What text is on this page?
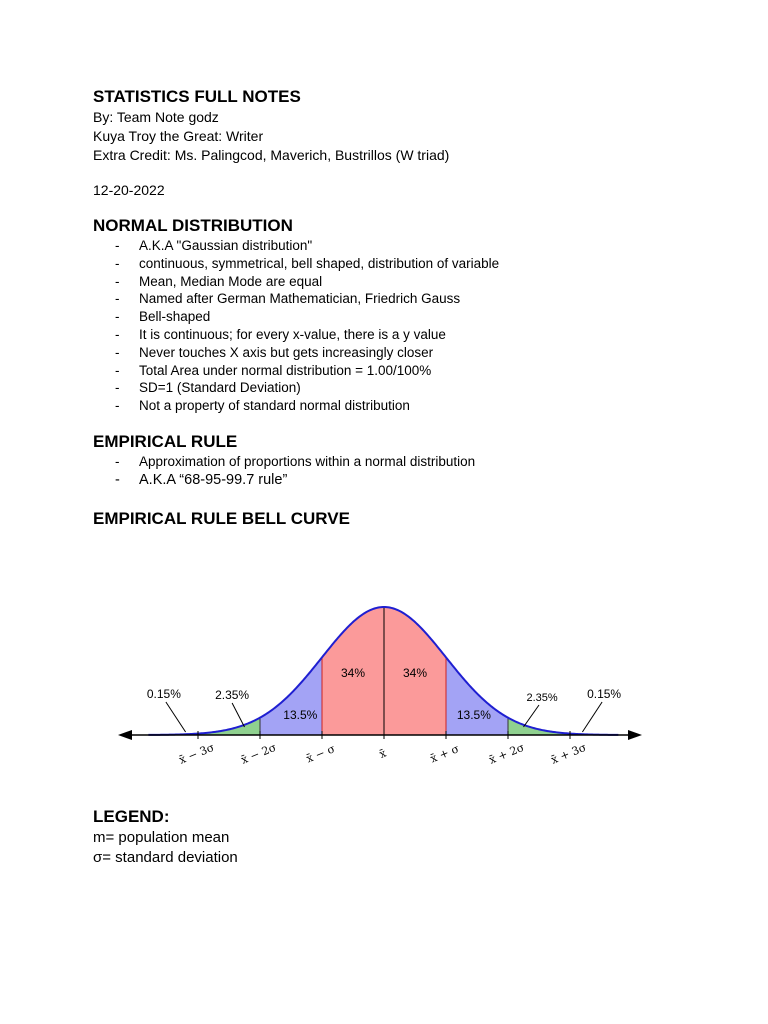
STATISTICS FULL NOTES

By: Team Note godz

Kuya Troy the Great: Writer

Extra Credit: Ms. Palingcod, Maverich, Bustrillos (W triad)

12-20-2022

NORMAL DISTRIBUTION
- A.K.A "Gaussian distribution"
- continuous, symmetrical, bell shaped, distribution of variable
- Mean, Median Mode are equal
- Named after German Mathematician, Friedrich Gauss
- Bell-shaped
- It is continuous; for every x-value, there is a y value
- Never touches X axis but gets increasingly closer
- Total Area under normal distribution = 1.00/100%
- SD=1 (Standard Deviation)
- Not a property of standard normal distribution
EMPIRICAL RULE
- Approximation of proportions within a normal distribution
- A.K.A “68-95-99.7 rule”
EMPIRICAL RULE BELL CURVE
x̄ − 3σ x̄ − 2σ x̄ − σ	x̄	x̄ + σ x̄ + 2σ x̄ + 3σ
2.35%
13.5%
34%	34%
13.5%
2.35%
0.15%	0.15%
LEGEND:

m= population mean

σ= standard deviation
